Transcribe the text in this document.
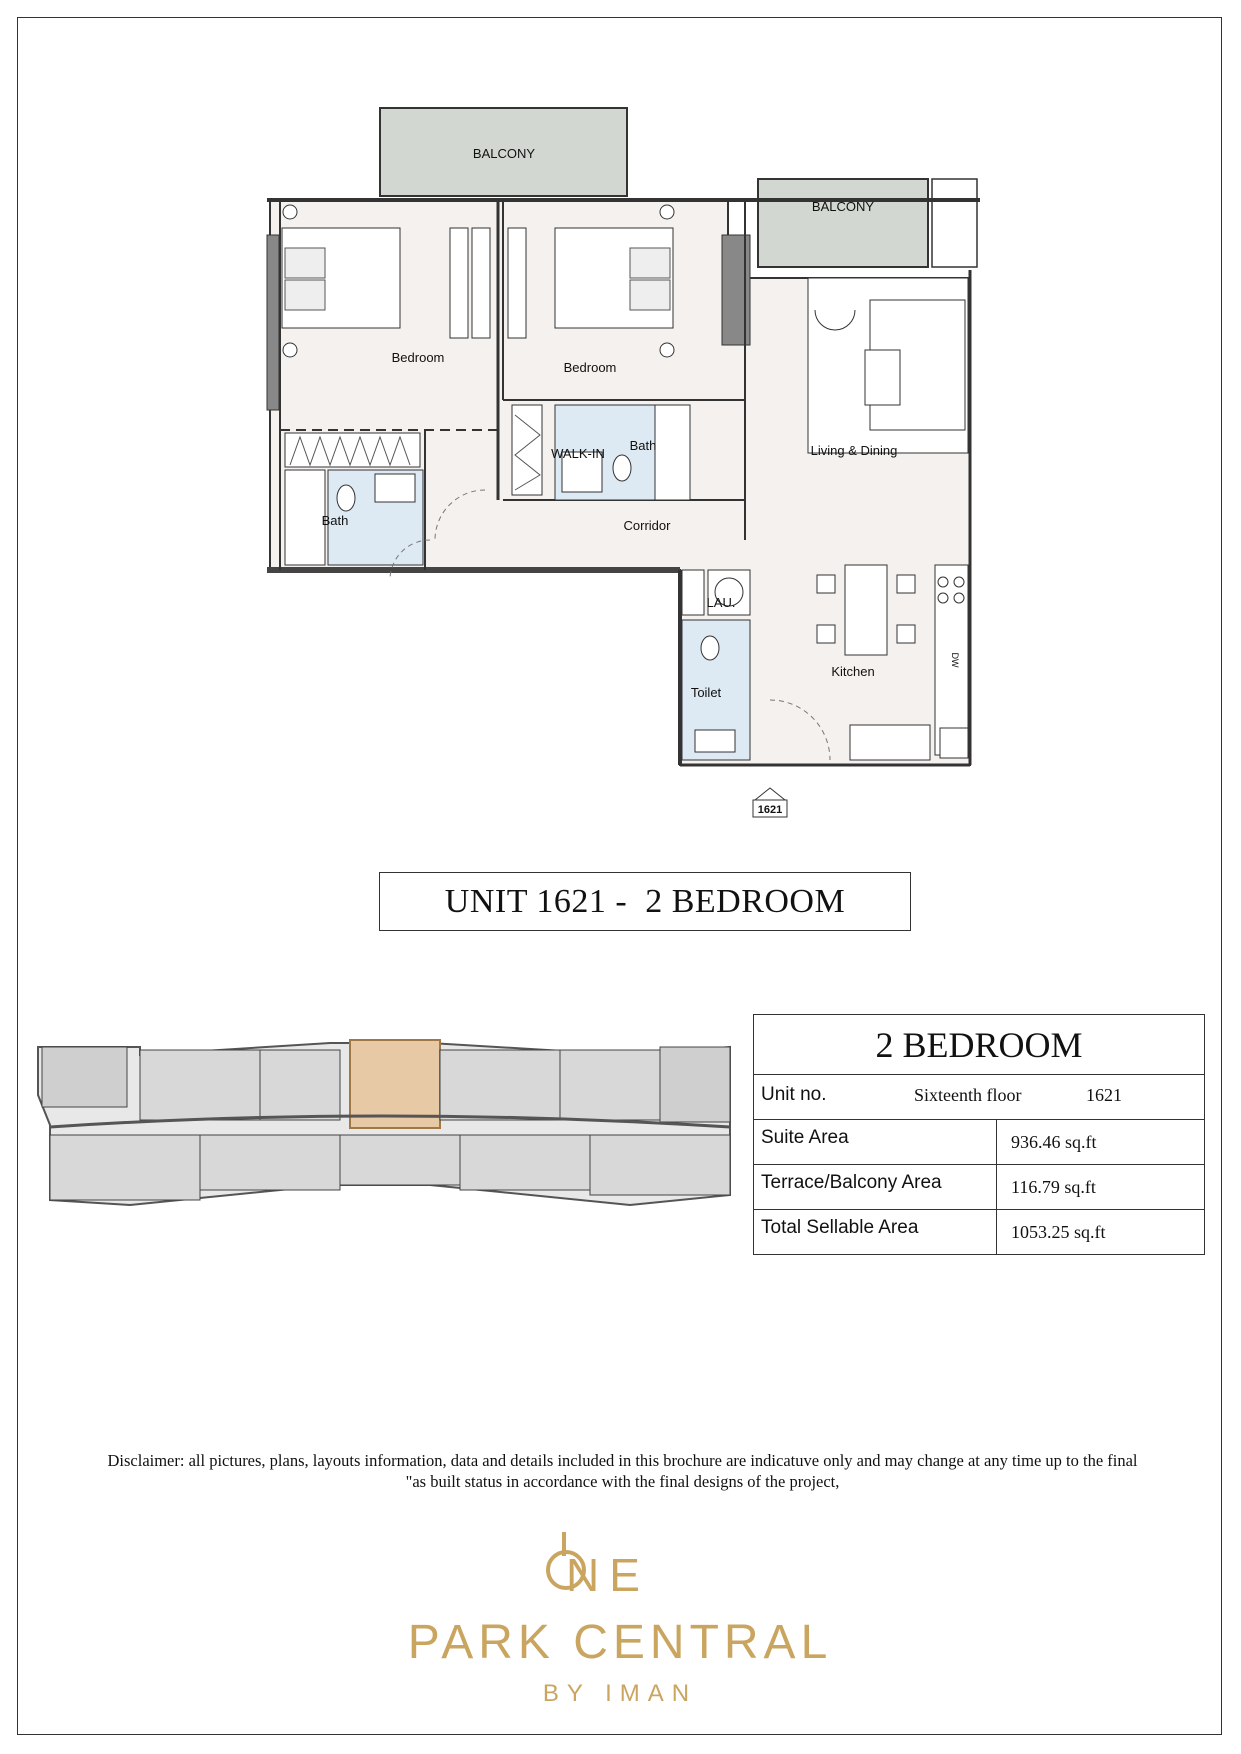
1621
BALCONY
BALCONY
Bedroom
Bedroom
WALK-IN
Bath
Bath
Living & Dining
Corridor
LAU.
Kitchen
Toilet
DW
UNIT 1621 -  2 BEDROOM
2 BEDROOM
Unit no.	Sixteenth floor	1621
Suite Area	936.46 sq.ft
Terrace/Balcony Area	116.79 sq.ft
Total Sellable Area	1053.25 sq.ft
Disclaimer: all pictures, plans, layouts information, data and details included in this brochure are indicatuve only and may change at any time up to the final
"as built status in accordance with the final designs of the project,
NE
PARK CENTRAL
BY IMAN
